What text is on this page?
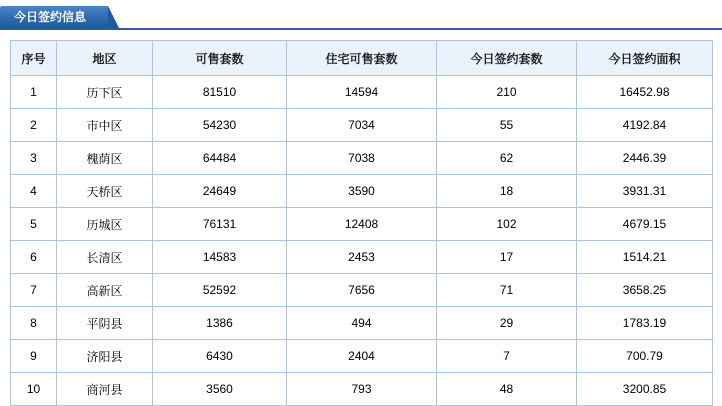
今日签约信息
序号	地区	可售套数	住宅可售套数	今日签约套数	今日签约面积
1	历下区	81510	14594	210	16452.98
2	市中区	54230	7034	55	4192.84
3	槐荫区	64484	7038	62	2446.39
4	天桥区	24649	3590	18	3931.31
5	历城区	76131	12408	102	4679.15
6	长清区	14583	2453	17	1514.21
7	高新区	52592	7656	71	3658.25
8	平阴县	1386	494	29	1783.19
9	济阳县	6430	2404	7	700.79
10	商河县	3560	793	48	3200.85
